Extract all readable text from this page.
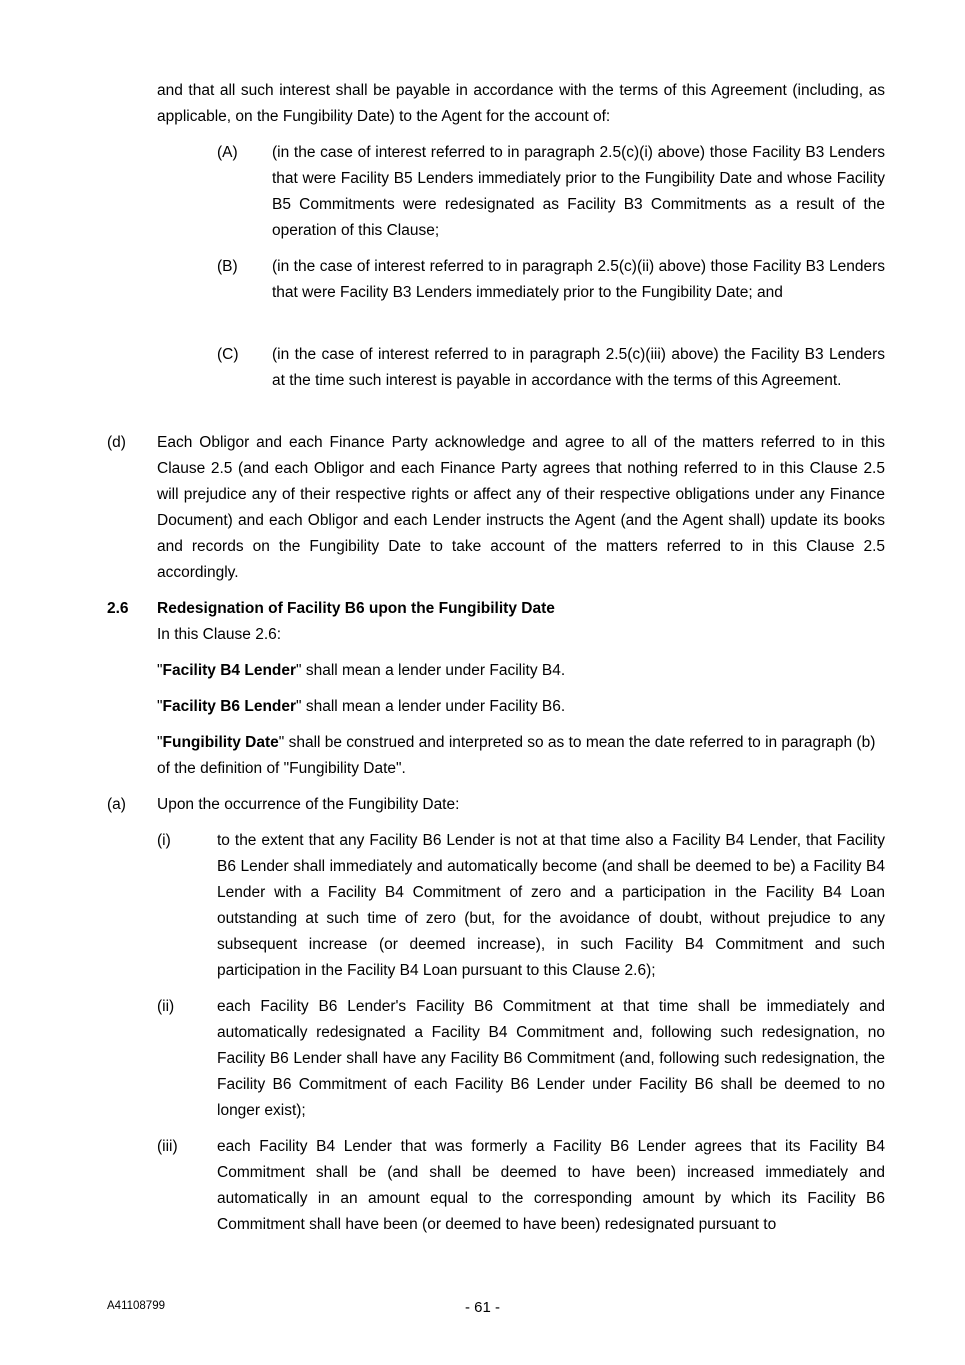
and that all such interest shall be payable in accordance with the terms of this Agreement (including, as applicable, on the Fungibility Date) to the Agent for the account of:

(A) (in the case of interest referred to in paragraph 2.5(c)(i) above) those Facility B3 Lenders that were Facility B5 Lenders immediately prior to the Fungibility Date and whose Facility B5 Commitments were redesignated as Facility B3 Commitments as a result of the operation of this Clause;

(B) (in the case of interest referred to in paragraph 2.5(c)(ii) above) those Facility B3 Lenders that were Facility B3 Lenders immediately prior to the Fungibility Date; and

(C) (in the case of interest referred to in paragraph 2.5(c)(iii) above) the Facility B3 Lenders at the time such interest is payable in accordance with the terms of this Agreement.

(d) Each Obligor and each Finance Party acknowledge and agree to all of the matters referred to in this Clause 2.5 (and each Obligor and each Finance Party agrees that nothing referred to in this Clause 2.5 will prejudice any of their respective rights or affect any of their respective obligations under any Finance Document) and each Obligor and each Lender instructs the Agent (and the Agent shall) update its books and records on the Fungibility Date to take account of the matters referred to in this Clause 2.5 accordingly.

2.6 Redesignation of Facility B6 upon the Fungibility Date

In this Clause 2.6:

"Facility B4 Lender" shall mean a lender under Facility B4.

"Facility B6 Lender" shall mean a lender under Facility B6.

"Fungibility Date" shall be construed and interpreted so as to mean the date referred to in paragraph (b) of the definition of "Fungibility Date".

(a) Upon the occurrence of the Fungibility Date:

(i)	to the extent that any Facility B6 Lender is not at that time also a Facility B4 Lender, that Facility B6 Lender shall immediately and automatically become (and shall be deemed to be) a Facility B4 Lender with a Facility B4 Commitment of zero and a participation in the Facility B4 Loan outstanding at such time of zero (but, for the avoidance of doubt, without prejudice to any subsequent increase (or deemed increase), in such Facility B4 Commitment and such participation in the Facility B4 Loan pursuant to this Clause 2.6);

(ii)	each Facility B6 Lender's Facility B6 Commitment at that time shall be immediately and automatically redesignated a Facility B4 Commitment and, following such redesignation, no Facility B6 Lender shall have any Facility B6 Commitment (and, following such redesignation, the Facility B6 Commitment of each Facility B6 Lender under Facility B6 shall be deemed to no longer exist);

(iii)	each Facility B4 Lender that was formerly a Facility B6 Lender agrees that its Facility B4 Commitment shall be (and shall be deemed to have been) increased immediately and automatically in an amount equal to the corresponding amount by which its Facility B6 Commitment shall have been (or deemed to have been) redesignated pursuant to

A41108799	- 61 -
